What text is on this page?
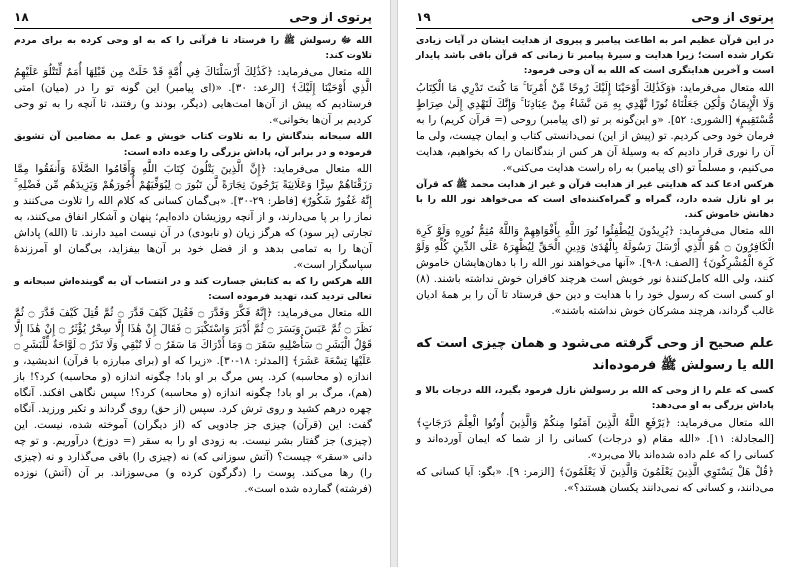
پرتوی از وحی
۱۹

در این قرآن عظیم امر به اطاعت پیامبر و پیروی از هدایت ایشان در آیات زیادی تکرار شده است؛ زیرا هدایت و سیرهٔ پیامبر تا زمانی که قرآن باقی باشد پایدار است و آخرین هدایتگری است که الله به آن وحی فرمود:

الله متعال می‌فرماید: ﴿وَكَذَٰلِكَ أَوْحَيْنَا إِلَيْكَ رُوحًا مِّنْ أَمْرِنَا ۚ مَا كُنتَ تَدْرِي مَا الْكِتَابُ وَلَا الْإِيمَانُ وَلَٰكِن جَعَلْنَاهُ نُورًا نَّهْدِي بِهِ مَن نَّشَاءُ مِنْ عِبَادِنَا ۚ وَإِنَّكَ لَتَهْدِي إِلَىٰ صِرَاطٍ مُّسْتَقِيمٍ﴾ [الشوری: ۵۲]. «و این‌گونه بر تو (ای پیامبر) روحی (= قرآن کریم) را به فرمان خود وحی کردیم. تو (پیش از این) نمی‌دانستی کتاب و ایمان چیست، ولی ما آن را نوری قرار دادیم که به وسیلهٔ آن هر کس از بندگانمان را که بخواهیم، هدایت می‌کنیم، و مسلماً تو (ای پیامبر) به راه راست هدایت می‌کنی».

هرکس ادعا کند که هدایتی غیر از هدایت قرآن و غیر از هدایت محمد ﷺ که قرآن بر او نازل شده دارد، گمراه و گمراه‌کننده‌ای است که می‌خواهد نور الله را با دهانش خاموش کند.

الله متعال می‌فرماید: ﴿يُرِيدُونَ لِيُطْفِئُوا نُورَ اللَّهِ بِأَفْوَاهِهِمْ وَاللَّهُ مُتِمُّ نُورِهِ وَلَوْ كَرِهَ الْكَافِرُونَ ۝ هُوَ الَّذِي أَرْسَلَ رَسُولَهُ بِالْهُدَىٰ وَدِينِ الْحَقِّ لِيُظْهِرَهُ عَلَى الدِّينِ كُلِّهِ وَلَوْ كَرِهَ الْمُشْرِكُونَ﴾ [الصف: ۸-۹]. «آنها می‌خواهند نور الله را با دهان‌هایشان خاموش کنند، ولی الله کامل‌کنندهٔ نور خویش است هرچند کافران خوش نداشته باشند. (۸) او کسی است که رسول خود را با هدایت و دین حق فرستاد تا آن را بر همهٔ ادیان غالب گرداند، هرچند مشرکان خوش نداشته باشند».

علم صحیح از وحی گرفته می‌شود و همان چیزی است که الله یا رسولش ﷺ فرموده‌اند

کسی که علم را از وحی که الله بر رسولش نازل فرمود بگیرد، الله درجات بالا و پاداش بزرگی به او می‌دهد:

الله متعال می‌فرماید: ﴿يَرْفَعِ اللَّهُ الَّذِينَ آمَنُوا مِنكُمْ وَالَّذِينَ أُوتُوا الْعِلْمَ دَرَجَاتٍ﴾ [المجادلة: ۱۱]. «الله مقام (و درجات) کسانی را از شما که ایمان آورده‌اند و کسانی را که علم داده شده‌اند بالا می‌برد».

﴿قُلْ هَلْ يَسْتَوِي الَّذِينَ يَعْلَمُونَ وَالَّذِينَ لَا يَعْلَمُونَ﴾ [الزمر: ۹]. «بگو: آیا کسانی که می‌دانند، و کسانی که نمی‌دانند یکسان هستند؟».

پرتوی از وحی
۱۸

الله ﷻ رسولش ﷺ را فرستاد تا قرآنی را که به او وحی کرده به برای مردم تلاوت کند:

الله متعال می‌فرماید: ﴿كَذَٰلِكَ أَرْسَلْنَاكَ فِي أُمَّةٍ قَدْ خَلَتْ مِن قَبْلِهَا أُمَمٌ لِّتَتْلُوَ عَلَيْهِمُ الَّذِي أَوْحَيْنَا إِلَيْكَ﴾ [الرعد: ۳۰]. «(ای پیامبر) این گونه تو را در (میان) امتی فرستادیم که پیش از آن‌ها امت‌هایی (دیگر، بودند و) رفتند، تا آنچه را به تو وحی کردیم بر آن‌ها بخوانی».

الله سبحانه بندگانش را به تلاوت کتاب خویش و عمل به مضامین آن تشویق فرموده و در برابر آن، پاداش بزرگی را وعده داده است:

الله متعال می‌فرماید: ﴿إِنَّ الَّذِينَ يَتْلُونَ كِتَابَ اللَّهِ وَأَقَامُوا الصَّلَاةَ وَأَنفَقُوا مِمَّا رَزَقْنَاهُمْ سِرًّا وَعَلَانِيَةً يَرْجُونَ تِجَارَةً لَّن تَبُورَ ۝ لِيُوَفِّيَهُمْ أُجُورَهُمْ وَيَزِيدَهُم مِّن فَضْلِهِ ۚ إِنَّهُ غَفُورٌ شَكُورٌ﴾ [فاطر: ۲۹-۳۰]. «بی‌گمان کسانی که کلام الله را تلاوت می‌کنند و نماز را بر پا می‌دارند، و از آنچه روزیشان داده‌ایم؛ پنهان و آشکار انفاق می‌کنند، به تجارتی (پر سود) که هرگز زیان (و نابودی) در آن نیست امید دارند. تا (الله) پاداش آن‌ها را به تمامی بدهد و از فضل خود بر آن‌ها بیفزاید، بی‌گمان او آمرزندهٔ سپاسگزار است».

الله هرکس را که به کتابش جسارت کند و در انتساب آن به گوینده‌اش سبحانه و تعالی تردید کند، تهدید فرموده است:

الله متعال می‌فرماید: ﴿إِنَّهُ فَكَّرَ وَقَدَّرَ ۝ فَقُتِلَ كَيْفَ قَدَّرَ ۝ ثُمَّ قُتِلَ كَيْفَ قَدَّرَ ۝ ثُمَّ نَظَرَ ۝ ثُمَّ عَبَسَ وَبَسَرَ ۝ ثُمَّ أَدْبَرَ وَاسْتَكْبَرَ ۝ فَقَالَ إِنْ هَٰذَا إِلَّا سِحْرٌ يُؤْثَرُ ۝ إِنْ هَٰذَا إِلَّا قَوْلُ الْبَشَرِ ۝ سَأُصْلِيهِ سَقَرَ ۝ وَمَا أَدْرَاكَ مَا سَقَرُ ۝ لَا تُبْقِي وَلَا تَذَرُ ۝ لَوَّاحَةٌ لِّلْبَشَرِ ۝ عَلَيْهَا تِسْعَةَ عَشَرَ﴾ [المدثر: ۱۸-۳۰]. «زیرا که او (برای مبارزه با قرآن) اندیشید، و اندازه (و محاسبه) کرد. پس مرگ بر او باد! چگونه اندازه (و محاسبه) کرد؟! باز (هم)، مرگ بر او باد! چگونه اندازه (و محاسبه) کرد؟! سپس نگاهی افکند. آنگاه چهره درهم کشید و روی ترش کرد. سپس (از حق) روی گرداند و تکبر ورزید. آنگاه گفت: این (قرآن) چیزی جز جادویی که (از دیگران) آموخته شده، نیست. این (چیزی) جز گفتار بشر نیست. به زودی او را به سقر (= دوزخ) درآوریم. و تو چه دانی «سقر» چیست؟ (آتش سوزانی که) نه (چیزی را) باقی می‌گذارد و نه (چیزی را) رها می‌کند. پوست را (دگرگون کرده و) می‌سوزاند. بر آن (آتش) نوزده (فرشته) گمارده شده است».
